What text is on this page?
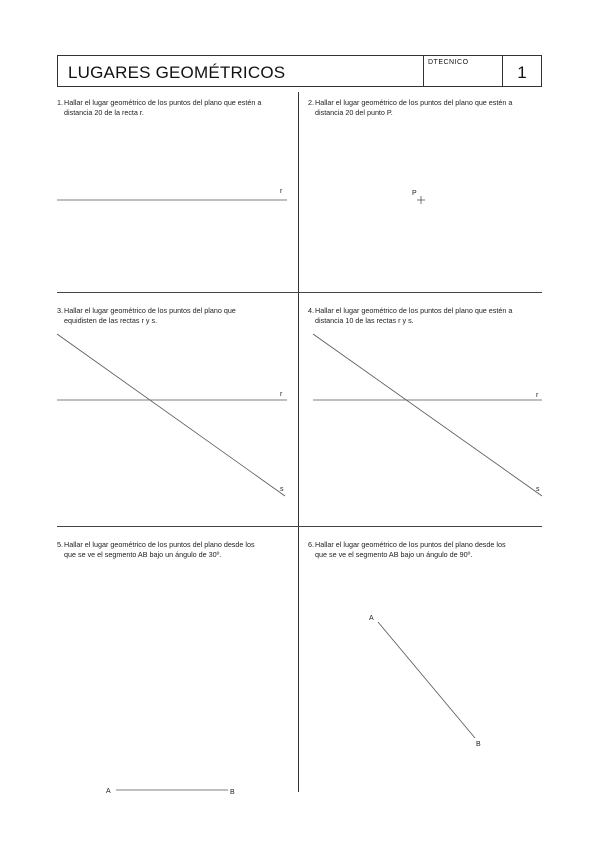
LUGARES GEOMÉTRICOS
DTECNICO
1
1. Hallar el lugar geométrico de los puntos del plano que estén a
distancia 20 de la recta r.
2. Hallar el lugar geométrico de los puntos del plano que estén a
distancia 20 del punto P.
3. Hallar el lugar geométrico de los puntos del plano que
equidisten de las rectas r y s.
4. Hallar el lugar geométrico de los puntos del plano que estén a
distancia 10 de las rectas r y s.
5. Hallar el lugar geométrico de los puntos del plano desde los
que se ve el segmento AB bajo un ángulo de 30º.
6. Hallar el lugar geométrico de los puntos del plano desde los
que se ve el segmento AB bajo un ángulo de 90º.
r	P
r
s
r
s
A	B
A
B
